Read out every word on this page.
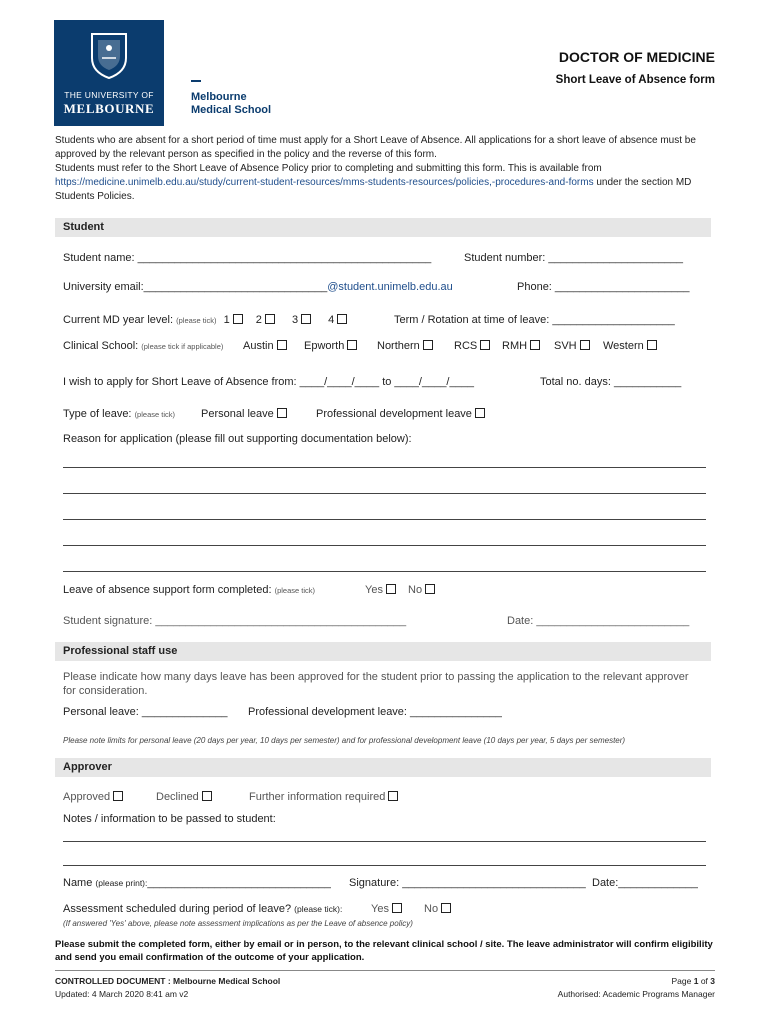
THE UNIVERSITY OF
MELBOURNE
Melbourne
Medical School
DOCTOR OF MEDICINE
Short Leave of Absence form

Students who are absent for a short period of time must apply for a Short Leave of Absence. All applications for a short leave of absence must be approved by the relevant person as specified in the policy and the reverse of this form.

Students must refer to the Short Leave of Absence Policy prior to completing and submitting this form. This is available from https://medicine.unimelb.edu.au/study/current-student-resources/mms-students-resources/policies,-procedures-and-forms under the section MD Students Policies.

Student
Student name: ________________________________________________	Student number: ______________________
University email:______________________________@student.unimelb.edu.au	Phone: ______________________
Current MD year level: (please tick) 1 2	3	4	Term / Rotation at time of leave: ____________________
Clinical School: (please tick if applicable) Austin	Epworth	Northern	RCS	RMH	SVH	Western
I wish to apply for Short Leave of Absence from: ____/____/____ to ____/____/____	Total no. days: ___________
Type of leave: (please tick) Personal leave	Professional development leave
Reason for application (please fill out supporting documentation below):
Leave of absence support form completed: (please tick)	Yes	No
Student signature: _________________________________________	Date: _________________________
Professional staff use
Please indicate how many days leave has been approved for the student prior to passing the application to the relevant approver for consideration.
Personal leave: ______________ Professional development leave: _______________
Please note limits for personal leave (20 days per year, 10 days per semester) and for professional development leave (10 days per year, 5 days per semester)
Approver
Approved	Declined	Further information required
Notes / information to be passed to student:
Name (please print):______________________________ Signature: ______________________________ Date:_____________
Assessment scheduled during period of leave? (please tick):	Yes	No
(If answered 'Yes' above, please note assessment implications as per the Leave of absence policy)
Please submit the completed form, either by email or in person, to the relevant clinical school / site. The leave administrator will confirm eligibility and send you email confirmation of the outcome of your application.
CONTROLLED DOCUMENT : Melbourne Medical School
Updated: 4 March 2020 8:41 am v2
Page 1 of 3
Authorised: Academic Programs Manager
